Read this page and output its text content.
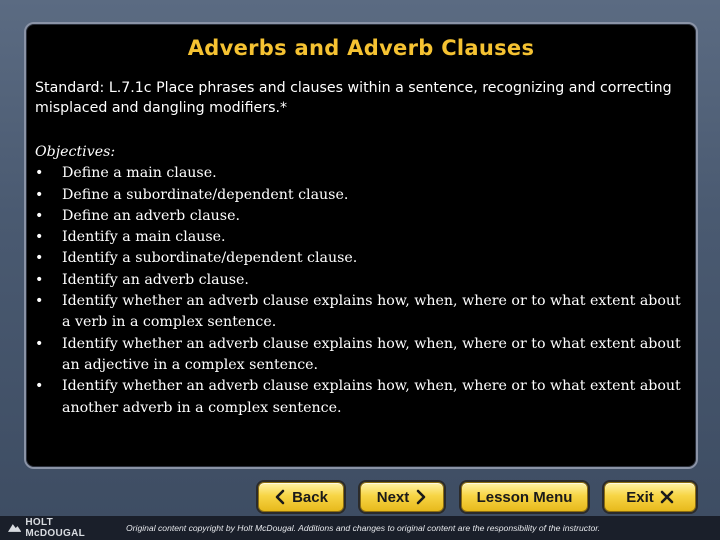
Adverbs and Adverb Clauses
Standard: L.7.1c Place phrases and clauses within a sentence, recognizing and correcting misplaced and dangling modifiers.*
Objectives:
•	Define a main clause.
•	Define a subordinate/dependent clause.
•	Define an adverb clause.
•	Identify a main clause.
•	Identify a subordinate/dependent clause.
•	Identify an adverb clause.
•	Identify whether an adverb clause explains how, when, where or to what extent about a verb in a complex sentence.
•	Identify whether an adverb clause explains how, when, where or to what extent about an adjective in a complex sentence.
•	Identify whether an adverb clause explains how, when, where or to what extent about another adverb in a complex sentence.
Back	Next	Lesson Menu	Exit
HOLT McDOUGAL	Original content copyright by Holt McDougal. Additions and changes to original content are the responsibility of the instructor.
